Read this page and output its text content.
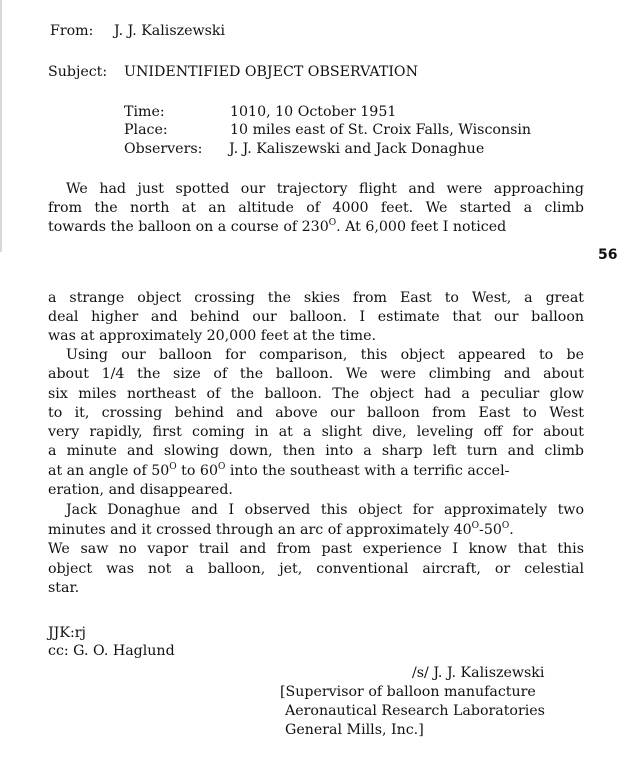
From: J. J. Kaliszewski
Subject: UNIDENTIFIED OBJECT OBSERVATION
Time:	1010, 10 October 1951
Place:	10 miles east of St. Croix Falls, Wisconsin
Observers: J. J. Kaliszewski and Jack Donaghue
We had just spotted our trajectory flight and were approaching
from the north at an altitude of 4000 feet. We started a climb
towards the balloon on a course of $230^O$. At 6,000 feet I noticed
56
a strange object crossing the skies from East to West, a great
deal higher and behind our balloon. I estimate that our balloon
was at approximately 20,000 feet at the time.
Using our balloon for comparison, this object appeared to be
about 1/4 the size of the balloon. We were climbing and about
six miles northeast of the balloon. The object had a peculiar glow
to it, crossing behind and above our balloon from East to West
very rapidly, first coming in at a slight dive, leveling off for about
a minute and slowing down, then into a sharp left turn and climb
at an angle of $50^O$ to $60^O$ into the southeast with a terrific accel-
eration, and disappeared.
Jack Donaghue and I observed this object for approximately two
minutes and it crossed through an arc of approximately $40^O-50^O$.
We saw no vapor trail and from past experience I know that this
object was not a balloon, jet, conventional aircraft, or celestial
star.
JJK:rj
cc: G. O. Haglund
/s/ J. J. Kaliszewski
[Supervisor of balloon manufacture
Aeronautical Research Laboratories
General Mills, Inc.]
